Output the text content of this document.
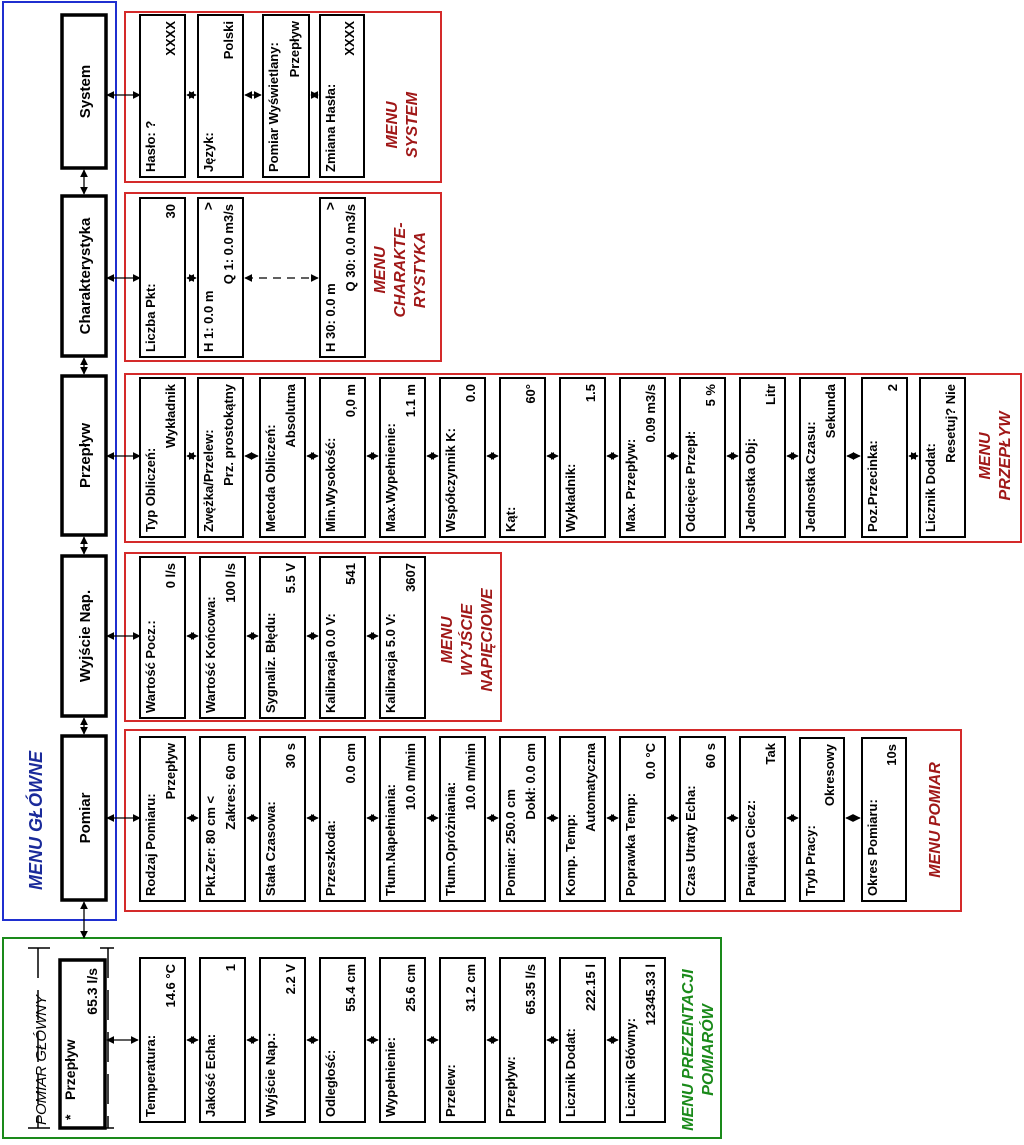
System
Charakterystyka
Przepływ
Wyjście Nap.
Pomiar
MENU GŁÓWNE
Hasło: ?
XXXX
Język:
Polski
Pomiar Wyświetlany: Przepływ
Zmiana Hasła:
XXXX
MENU SYSTEM
Liczba Pkt:
30
H 1: 0.0 m
Q 1: 0.0 m3/s
>
H 30: 0.0 m
Q 30: 0.0 m3/s
>
MENU CHARAKTE- RYSTYKA
Typ Obliczeń:
Wykładnik
Zwężka/Przelew: Prz. prostokątny Metoda Obliczeń:
Absolutna
Min.Wysokość:
0,0 m
Max.Wypełnienie:
1.1 m
Współczynnik K:
0.0
Kąt:
60°
Wykładnik:
1.5
Max. Przepływ:
0.09 m3/s
Odcięcie Przepł:
5 %
Jednostka Obj:
Litr
Jednostka Czasu:
Sekunda
Poz.Przecinka:
2
Licznik Dodat:
Resetuj? Nie MENU PRZEPŁYW
Wartość Pocz.:
0 l/s
Wartość Końcowa:
100 l/s
Sygnaliz. Błędu:
5.5 V
Kalibracja 0.0 V:
541
Kalibracja 5.0 V:
3607
MENU WYJŚCIE NAPIĘCIOWE
Rodzaj Pomiaru:
Przepływ
Pkt.Zer: 80 cm <
Zakres: 60 cm
Stała Czasowa:
30 s
Przeszkoda:
0.0 cm
Tłum.Napełniania:
10.0 m/min
Tłum.Opróżniania:
10.0 m/min
Pomiar: 250.0 cm
Dokł: 0.0 cm
Komp. Temp:
Automatyczna
Poprawka Temp:
0.0 °C
Czas Utraty Echa:
60 s
Parująca Ciecz:
Tak
Tryb Pracy:
Okresowy
Okres Pomiaru:
10s
MENU POMIAR
POMIAR GŁÓWNY *
Przepływ
65.3 l/s
Temperatura:
14.6 °C
Jakość Echa:
1
Wyjście Nap.:
2.2 V
Odległość:
55.4 cm
Wypełnienie:
25.6 cm
Przelew:
31.2 cm
Przepływ:
65.35 l/s
Licznik Dodat:
222.15 l
Licznik Główny:
12345.33 l MENU PREZENTACJI POMIARÓW
